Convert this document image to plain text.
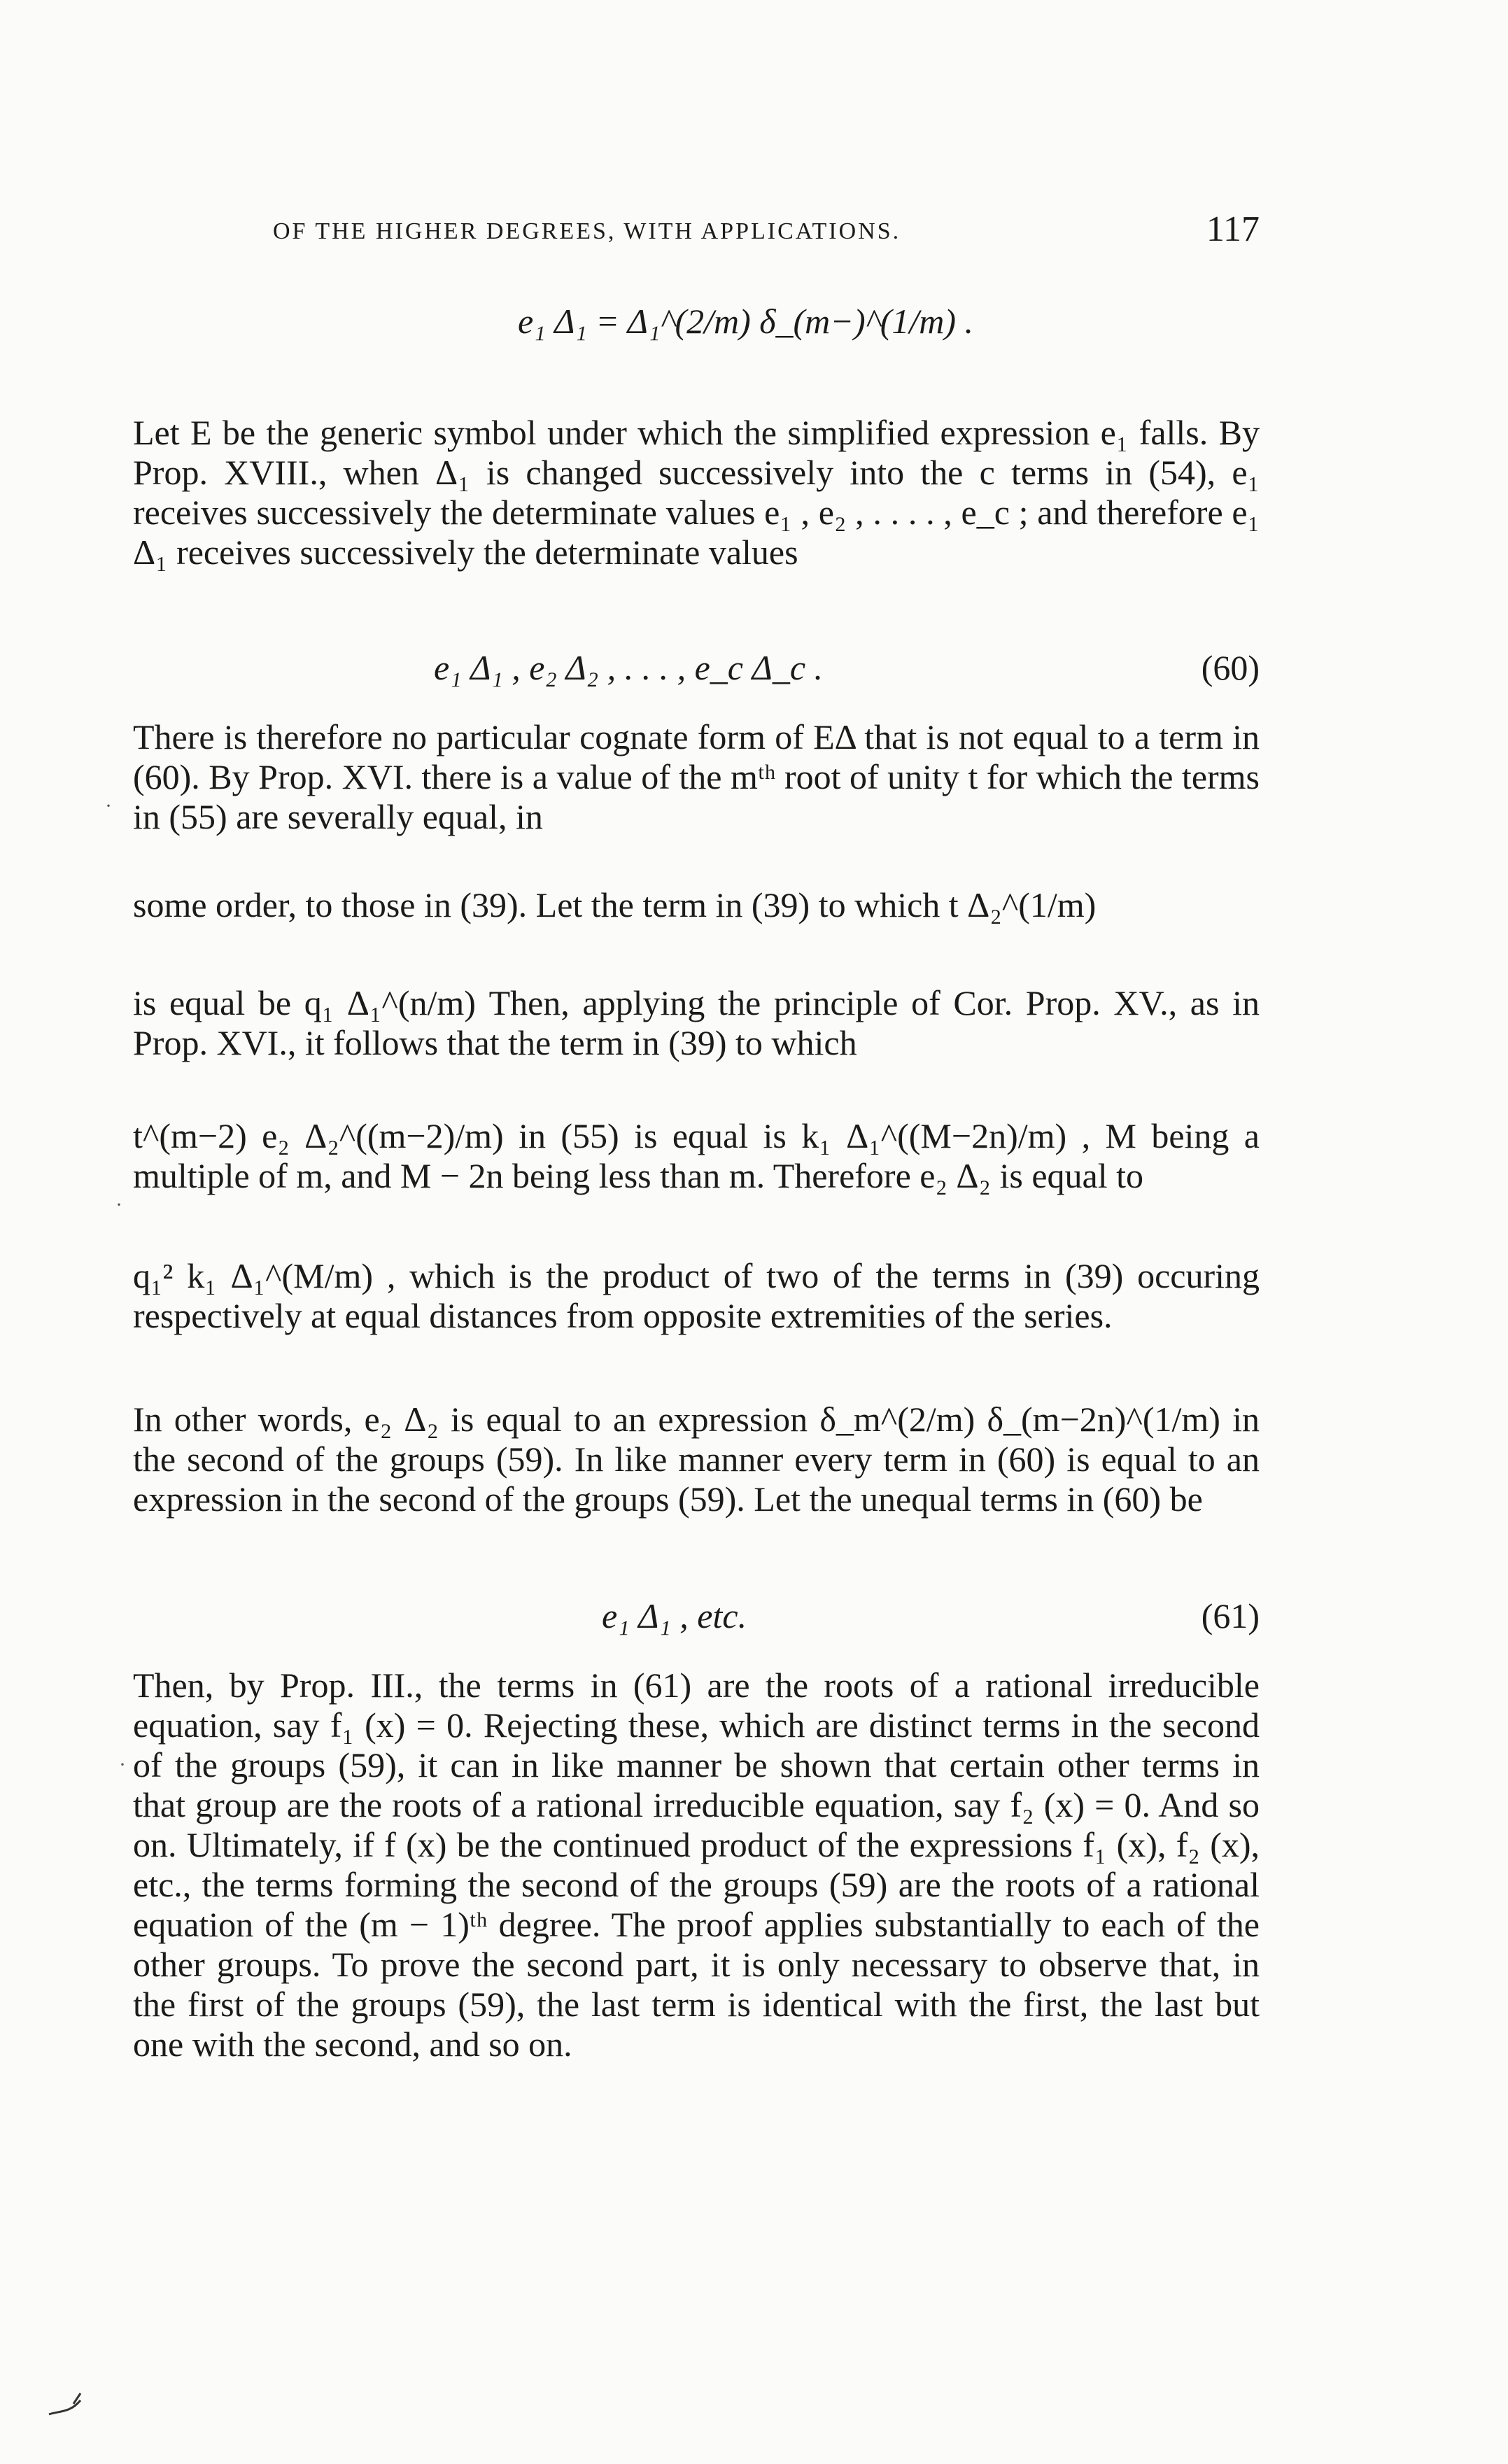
OF THE HIGHER DEGREES, WITH APPLICATIONS.	117
e₁ Δ₁ = Δ₁^(2/m) δ_(m−)^(1/m) .
Let E be the generic symbol under which the simplified expression e₁ falls. By Prop. XVIII., when Δ₁ is changed successively into the c terms in (54), e₁ receives successively the determinate values e₁ , e₂ , . . . . , e_c ; and therefore e₁ Δ₁ receives successively the determinate values
e₁ Δ₁ , e₂ Δ₂ , . . . , e_c Δ_c .	(60)
There is therefore no particular cognate form of EΔ that is not equal to a term in (60). By Prop. XVI. there is a value of the mᵗʰ root of unity t for which the terms in (55) are severally equal, in
some order, to those in (39). Let the term in (39) to which t Δ₂^(1/m)
is equal be q₁ Δ₁^(n/m) Then, applying the principle of Cor. Prop. XV., as in Prop. XVI., it follows that the term in (39) to which
t^(m−2) e₂ Δ₂^((m−2)/m) in (55) is equal is k₁ Δ₁^((M−2n)/m) , M being a multiple of m, and M − 2n being less than m. Therefore e₂ Δ₂ is equal to
q₁² k₁ Δ₁^(M/m) , which is the product of two of the terms in (39) occuring respectively at equal distances from opposite extremities of the series.
In other words, e₂ Δ₂ is equal to an expression δ_m^(2/m) δ_(m−2n)^(1/m) in the second of the groups (59). In like manner every term in (60) is equal to an expression in the second of the groups (59). Let the unequal terms in (60) be
e₁ Δ₁ , etc.	(61)
Then, by Prop. III., the terms in (61) are the roots of a rational irreducible equation, say f₁ (x) = 0. Rejecting these, which are distinct terms in the second of the groups (59), it can in like manner be shown that certain other terms in that group are the roots of a rational irreducible equation, say f₂ (x) = 0. And so on. Ultimately, if f (x) be the continued product of the expressions f₁ (x), f₂ (x), etc., the terms forming the second of the groups (59) are the roots of a rational equation of the (m − 1)ᵗʰ degree. The proof applies substantially to each of the other groups. To prove the second part, it is only necessary to observe that, in the first of the groups (59), the last term is identical with the first, the last but one with the second, and so on.
·
·
·
